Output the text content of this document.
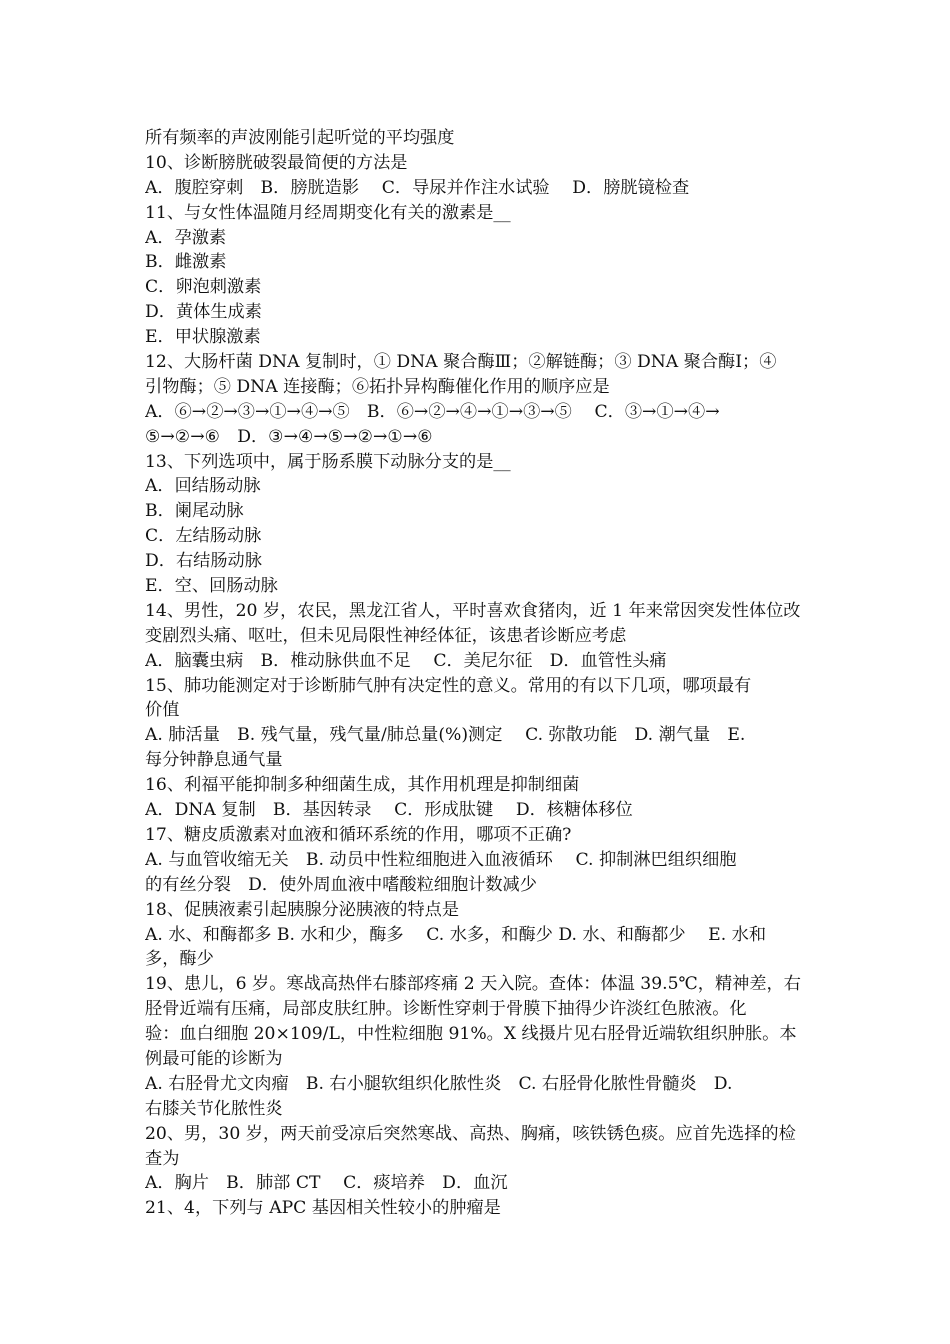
所有频率的声波刚能引起听觉的平均强度
10、诊断膀胱破裂最简便的方法是
A．腹腔穿刺　B．膀胱造影　 C．导尿并作注水试验　 D．膀胱镜检查
11、与女性体温随月经周期变化有关的激素是__
A．孕激素
B．雌激素
C．卵泡刺激素
D．黄体生成素
E．甲状腺激素
12、大肠杆菌 DNA 复制时，① DNA 聚合酶Ⅲ；②解链酶；③ DNA 聚合酶Ⅰ；④
引物酶；⑤ DNA 连接酶；⑥拓扑异构酶催化作用的顺序应是
A．⑥→②→③→①→④→⑤　B．⑥→②→④→①→③→⑤　 C．③→①→④→
⑤→②→⑥　D．③→④→⑤→②→①→⑥
13、下列选项中，属于肠系膜下动脉分支的是__
A．回结肠动脉
B．阑尾动脉
C．左结肠动脉
D．右结肠动脉
E．空、回肠动脉
14、男性，20 岁，农民，黑龙江省人，平时喜欢食猪肉，近 1 年来常因突发性体位改
变剧烈头痛、呕吐，但未见局限性神经体征，该患者诊断应考虑
A．脑囊虫病　B．椎动脉供血不足　 C．美尼尔征　D．血管性头痛
15、肺功能测定对于诊断肺气肿有决定性的意义。常用的有以下几项，哪项最有
价值
A. 肺活量　B. 残气量，残气量/肺总量(%)测定　 C. 弥散功能　D. 潮气量　E.
每分钟静息通气量
16、利福平能抑制多种细菌生成，其作用机理是抑制细菌
A．DNA 复制　B．基因转录　 C．形成肽键　 D．核糖体移位
17、糖皮质激素对血液和循环系统的作用，哪项不正确?
A. 与血管收缩无关　B. 动员中性粒细胞进入血液循环　 C. 抑制淋巴组织细胞
的有丝分裂　D．使外周血液中嗜酸粒细胞计数减少
18、促胰液素引起胰腺分泌胰液的特点是
A. 水、和酶都多 B. 水和少，酶多　 C. 水多，和酶少 D. 水、和酶都少　 E. 水和
多，酶少
19、患儿，6 岁。寒战高热伴右膝部疼痛 2 天入院。查体：体温 39.5℃，精神差，右
胫骨近端有压痛，局部皮肤红肿。诊断性穿刺于骨膜下抽得少许淡红色脓液。化
验：血白细胞 20×109/L，中性粒细胞 91%。X 线摄片见右胫骨近端软组织肿胀。本
例最可能的诊断为
A. 右胫骨尤文肉瘤　B. 右小腿软组织化脓性炎　C. 右胫骨化脓性骨髓炎　D.
右膝关节化脓性炎
20、男，30 岁，两天前受凉后突然寒战、高热、胸痛，咳铁锈色痰。应首先选择的检
查为
A．胸片　B．肺部 CT　 C．痰培养　D．血沉
21、4，下列与 APC 基因相关性较小的肿瘤是
